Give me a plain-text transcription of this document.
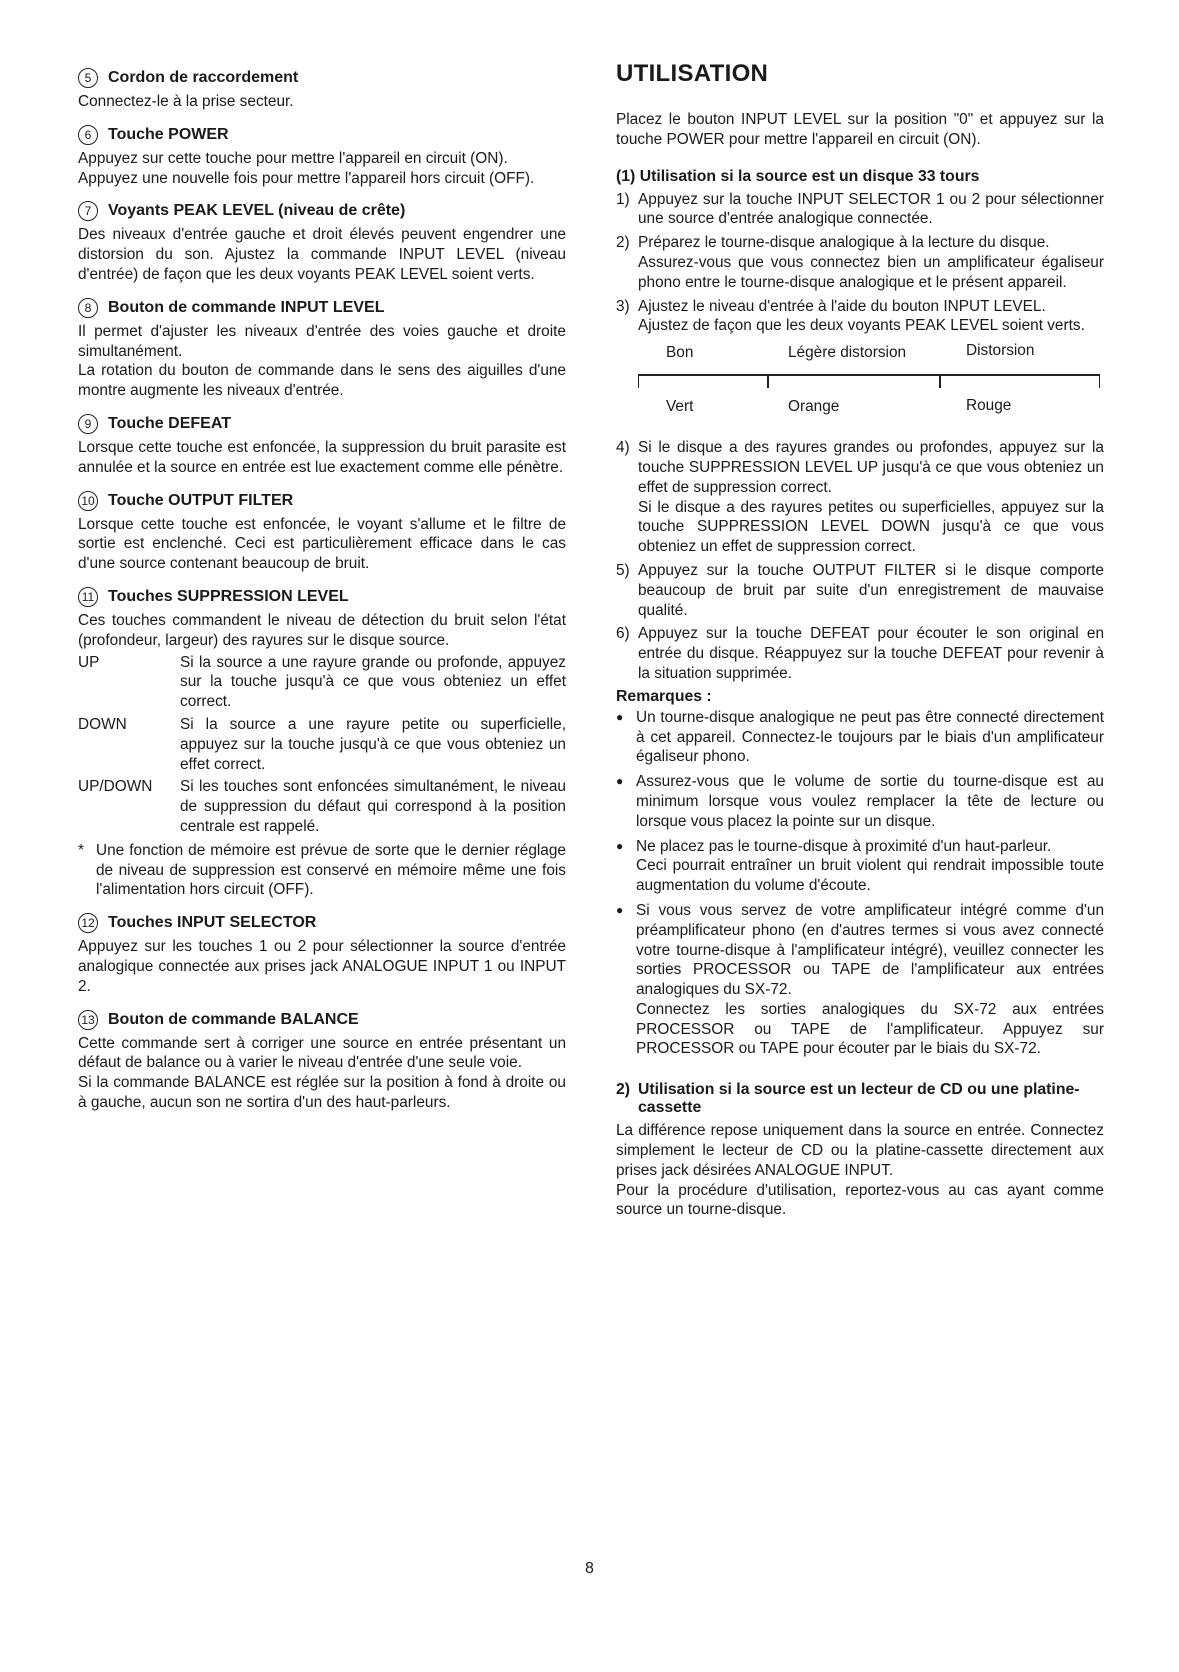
5	Cordon de raccordement

Connectez-le à la prise secteur.

6	Touche POWER

Appuyez sur cette touche pour mettre l'appareil en circuit (ON).

Appuyez une nouvelle fois pour mettre l'appareil hors circuit (OFF).

7	Voyants PEAK LEVEL (niveau de crête)

Des niveaux d'entrée gauche et droit élevés peuvent engendrer une distorsion du son. Ajustez la commande INPUT LEVEL (niveau d'entrée) de façon que les deux voyants PEAK LEVEL soient verts.

8	Bouton de commande INPUT LEVEL

Il permet d'ajuster les niveaux d'entrée des voies gauche et droite simultanément.

La rotation du bouton de commande dans le sens des aiguilles d'une montre augmente les niveaux d'entrée.

9	Touche DEFEAT

Lorsque cette touche est enfoncée, la suppression du bruit parasite est annulée et la source en entrée est lue exactement comme elle pénètre.

10 Touche OUTPUT FILTER

Lorsque cette touche est enfoncée, le voyant s'allume et le filtre de sortie est enclenché. Ceci est particulièrement efficace dans le cas d'une source contenant beaucoup de bruit.

11 Touches SUPPRESSION LEVEL

Ces touches commandent le niveau de détection du bruit selon l'état (profondeur, largeur) des rayures sur le disque source.

UP	Si la source a une rayure grande ou profonde, appuyez sur la touche jusqu'à ce que vous obteniez un effet correct.
DOWN	Si la source a une rayure petite ou superficielle, appuyez sur la touche jusqu'à ce que vous obteniez un effet correct.
UP/DOWN	Si les touches sont enfoncées simultanément, le niveau de suppression du défaut qui correspond à la position centrale est rappelé.
* Une fonction de mémoire est prévue de sorte que le dernier réglage de niveau de suppression est conservé en mémoire même une fois l'alimentation hors circuit (OFF).
12 Touches INPUT SELECTOR

Appuyez sur les touches 1 ou 2 pour sélectionner la source d'entrée analogique connectée aux prises jack ANALOGUE INPUT 1 ou INPUT 2.

13 Bouton de commande BALANCE

Cette commande sert à corriger une source en entrée présentant un défaut de balance ou à varier le niveau d'entrée d'une seule voie.

Si la commande BALANCE est réglée sur la position à fond à droite ou à gauche, aucun son ne sortira d'un des haut-parleurs.

UTILISATION

Placez le bouton INPUT LEVEL sur la position "0" et appuyez sur la touche POWER pour mettre l'appareil en circuit (ON).

(1) Utilisation si la source est un disque 33 tours
1) Appuyez sur la touche INPUT SELECTOR 1 ou 2 pour sélectionner une source d'entrée analogique connectée.
2) Préparez le tourne-disque analogique à la lecture du disque.
Assurez-vous que vous connectez bien un amplificateur égaliseur phono entre le tourne-disque analogique et le présent appareil.
3) Ajustez le niveau d'entrée à l'aide du bouton INPUT LEVEL.
Ajustez de façon que les deux voyants PEAK LEVEL soient verts.
Bon	Légère distorsion	Distorsion
Vert	Orange	Rouge
4) Si le disque a des rayures grandes ou profondes, appuyez sur la touche SUPPRESSION LEVEL UP jusqu'à ce que vous obteniez un effet de suppression correct.
Si le disque a des rayures petites ou superficielles, appuyez sur la touche SUPPRESSION LEVEL DOWN jusqu'à ce que vous obteniez un effet de suppression correct.
5) Appuyez sur la touche OUTPUT FILTER si le disque comporte beaucoup de bruit par suite d'un enregistrement de mauvaise qualité.
6) Appuyez sur la touche DEFEAT pour écouter le son original en entrée du disque. Réappuyez sur la touche DEFEAT pour revenir à la situation supprimée.
Remarques :
● Un tourne-disque analogique ne peut pas être connecté directement à cet appareil. Connectez-le toujours par le biais d'un amplificateur égaliseur phono.
● Assurez-vous que le volume de sortie du tourne-disque est au minimum lorsque vous voulez remplacer la tête de lecture ou lorsque vous placez la pointe sur un disque.
● Ne placez pas le tourne-disque à proximité d'un haut-parleur.
Ceci pourrait entraîner un bruit violent qui rendrait impossible toute augmentation du volume d'écoute.
● Si vous vous servez de votre amplificateur intégré comme d'un préamplificateur phono (en d'autres termes si vous avez connecté votre tourne-disque à l'amplificateur intégré), veuillez connecter les sorties PROCESSOR ou TAPE de l'amplificateur aux entrées analogiques du SX-72.
Connectez les sorties analogiques du SX-72 aux entrées PROCESSOR ou TAPE de l'amplificateur. Appuyez sur PROCESSOR ou TAPE pour écouter par le biais du SX-72.
2) Utilisation si la source est un lecteur de CD ou une platine-cassette

La différence repose uniquement dans la source en entrée. Connectez simplement le lecteur de CD ou la platine-cassette directement aux prises jack désirées ANALOGUE INPUT.

Pour la procédure d'utilisation, reportez-vous au cas ayant comme source un tourne-disque.

8
